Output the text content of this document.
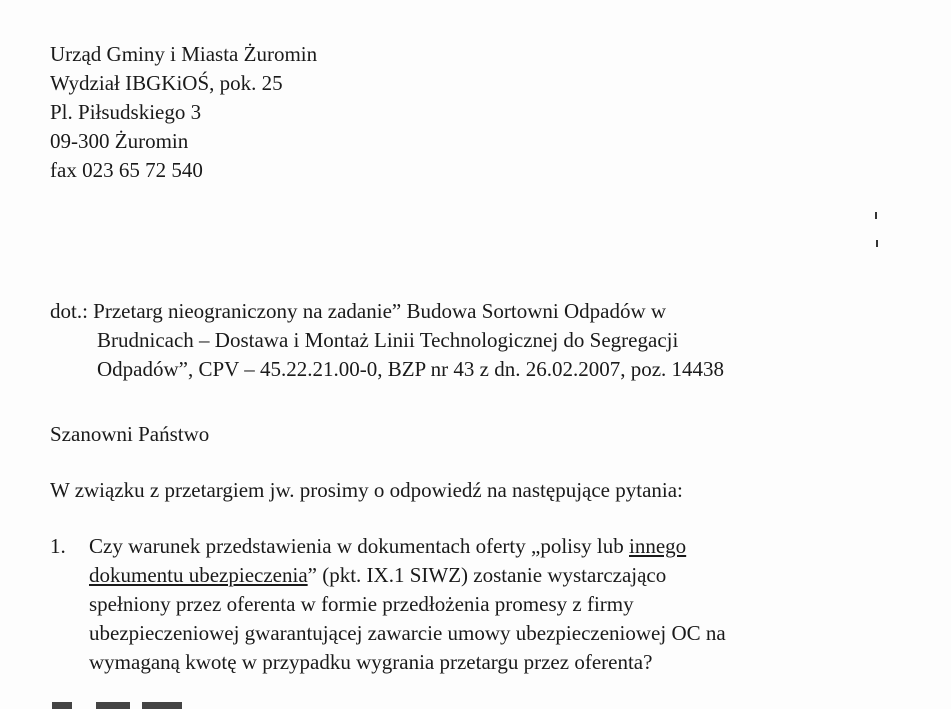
Urząd Gminy i Miasta Żuromin
Wydział IBGKiOŚ, pok. 25
Pl. Piłsudskiego 3
09-300 Żuromin
fax 023 65 72 540
dot.: Przetarg nieograniczony na zadanie” Budowa Sortowni Odpadów w
Brudnicach – Dostawa i Montaż Linii Technologicznej do Segregacji
Odpadów”, CPV – 45.22.21.00-0, BZP nr 43 z dn. 26.02.2007, poz. 14438
Szanowni Państwo
W związku z przetargiem jw. prosimy o odpowiedź na następujące pytania:
1. Czy warunek przedstawienia w dokumentach oferty „polisy lub innego
dokumentu ubezpieczenia” (pkt. IX.1 SIWZ) zostanie wystarczająco
spełniony przez oferenta w formie przedłożenia promesy z firmy
ubezpieczeniowej gwarantującej zawarcie umowy ubezpieczeniowej OC na
wymaganą kwotę w przypadku wygrania przetargu przez oferenta?
